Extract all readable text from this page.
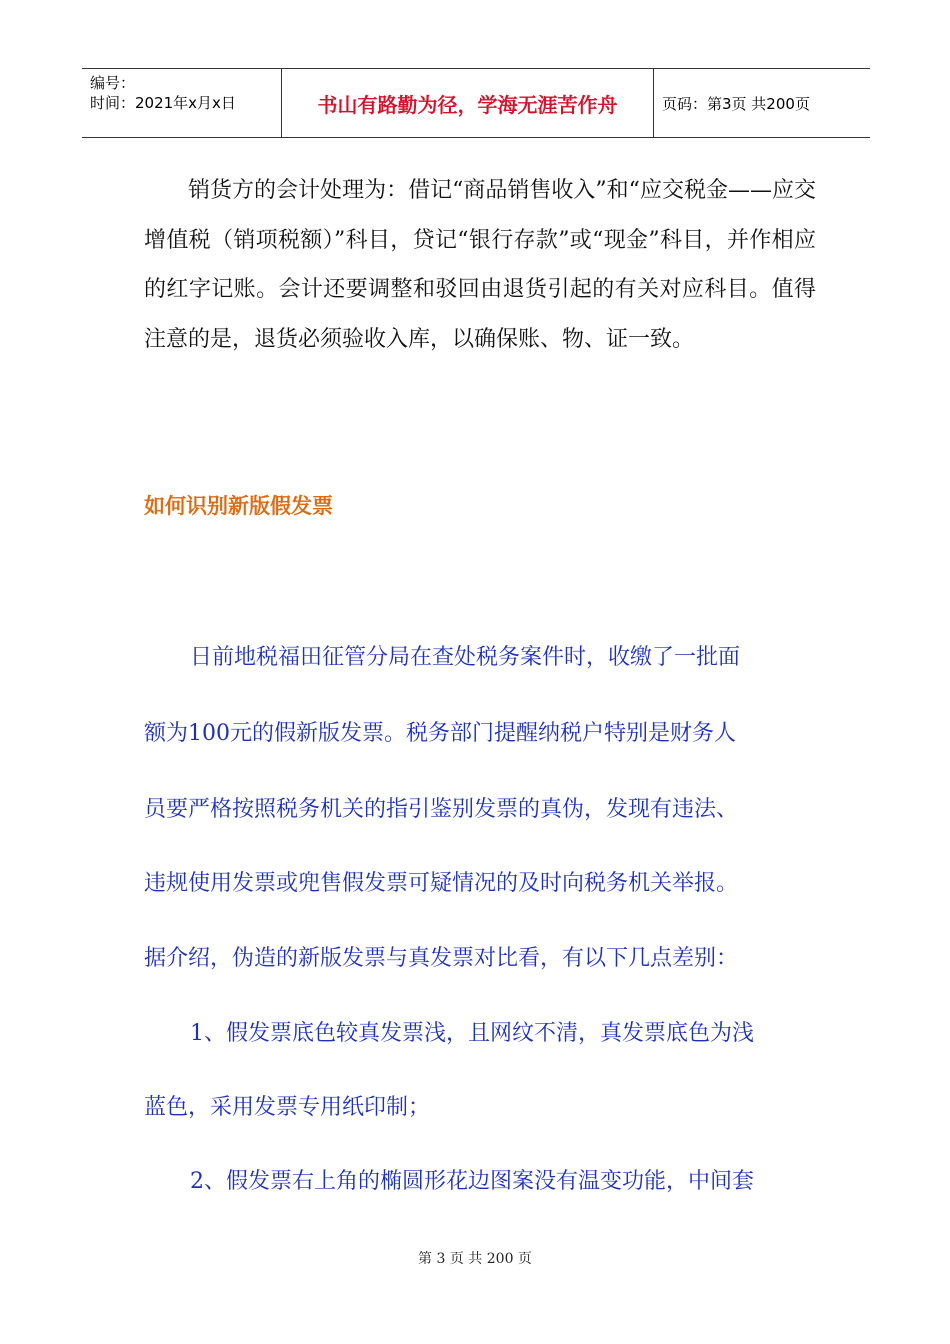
编号：
时间：2021年x月x日	书山有路勤为径，学海无涯苦作舟	页码：第3页 共200页

销货方的会计处理为：借记“商品销售收入”和“应交税金——应交增值税（销项税额）”科目，贷记“银行存款”或“现金”科目，并作相应的红字记账。会计还要调整和驳回由退货引起的有关对应科目。值得注意的是，退货必须验收入库，以确保账、物、证一致。

如何识别新版假发票
日前地税福田征管分局在查处税务案件时，收缴了一批面
额为100元的假新版发票。税务部门提醒纳税户特别是财务人
员要严格按照税务机关的指引鉴别发票的真伪，发现有违法、
违规使用发票或兜售假发票可疑情况的及时向税务机关举报。
据介绍，伪造的新版发票与真发票对比看，有以下几点差别：
1、假发票底色较真发票浅，且网纹不清，真发票底色为浅
蓝色，采用发票专用纸印制；
2、假发票右上角的椭圆形花边图案没有温变功能，中间套
第 3 页 共 200 页
